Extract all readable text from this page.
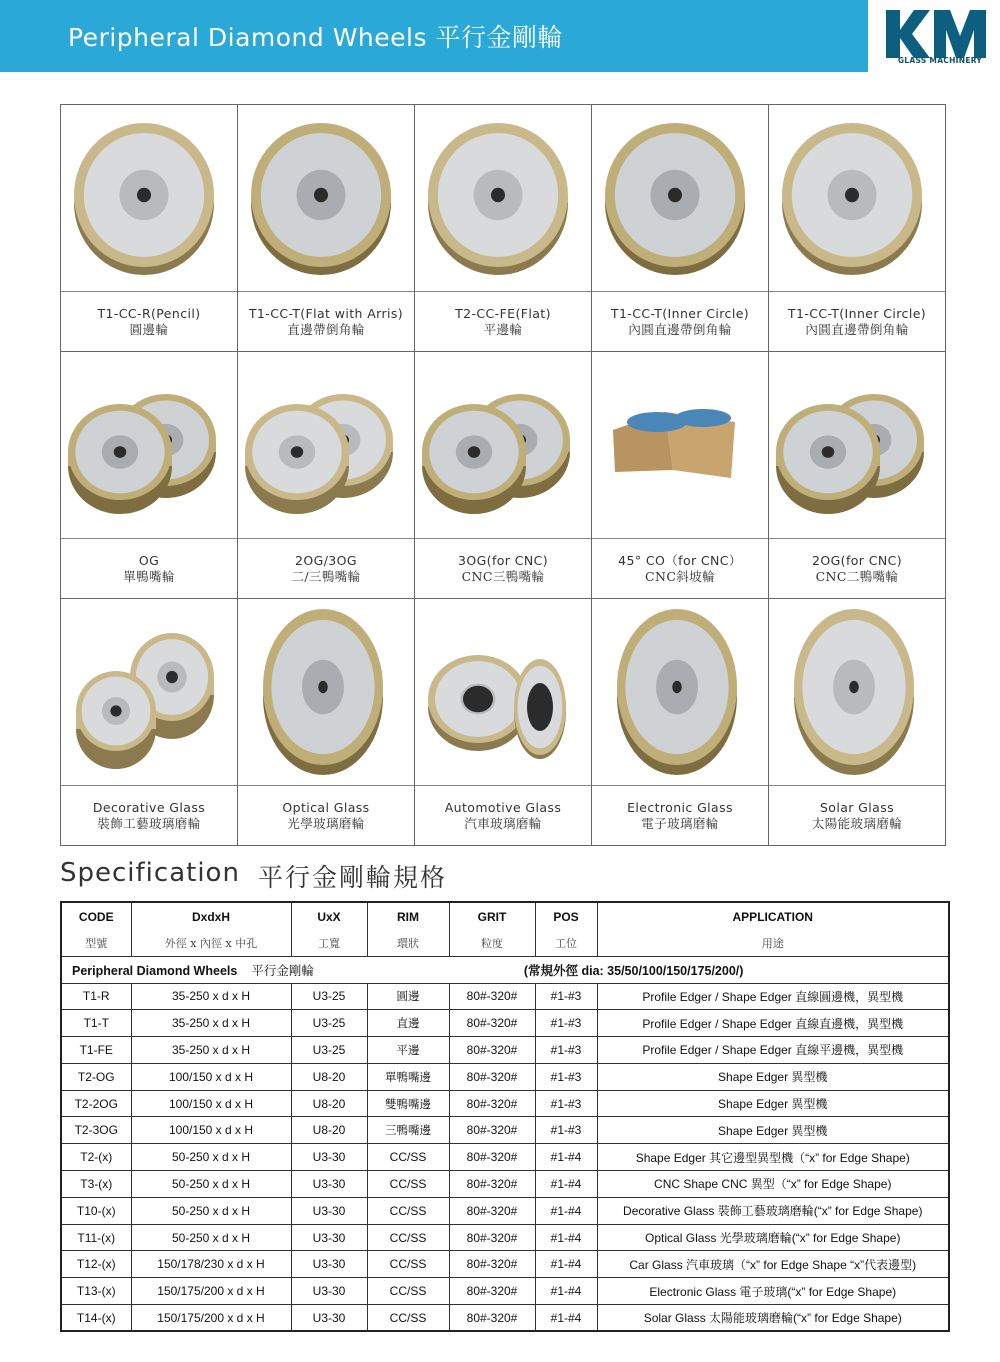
Peripheral Diamond Wheels 平行金剛輪
GLASS MACHINERY
T1-CC-R(Pencil)
圓邊輪
T1-CC-T(Flat with Arris)
直邊帶倒角輪
T2-CC-FE(Flat)
平邊輪
T1-CC-T(Inner Circle)
內圓直邊帶倒角輪
T1-CC-T(Inner Circle)
內圓直邊帶倒角輪
OG
單鴨嘴輪
2OG/3OG
二/三鴨嘴輪
3OG(for CNC)
CNC三鴨嘴輪
45° CO（for CNC）
CNC斜坡輪
2OG(for CNC)
CNC二鴨嘴輪
Decorative Glass
裝飾工藝玻璃磨輪
Optical Glass
光學玻璃磨輪
Automotive Glass
汽車玻璃磨輪
Electronic Glass
電子玻璃磨輪
Solar Glass
太陽能玻璃磨輪
Specification 平行金剛輪規格
CODE	DxdxH	UxX	RIM	GRIT	POS	APPLICATION
型號	外徑 x 內徑 x 中孔	工寬	環狀	粒度	工位	用途
Peripheral Diamond Wheels 平行金剛輪 (常規外徑 dia: 35/50/100/150/175/200/)						
T1-R	35-250 x d x H	U3-25	圓邊	80#-320#	#1-#3	Profile Edger / Shape Edger 直線圓邊機，異型機
T1-T	35-250 x d x H	U3-25	直邊	80#-320#	#1-#3	Profile Edger / Shape Edger 直線直邊機，異型機
T1-FE	35-250 x d x H	U3-25	平邊	80#-320#	#1-#3	Profile Edger / Shape Edger 直線平邊機，異型機
T2-OG	100/150 x d x H	U8-20	單鴨嘴邊	80#-320#	#1-#3	Shape Edger 異型機
T2-2OG	100/150 x d x H	U8-20	雙鴨嘴邊	80#-320#	#1-#3	Shape Edger 異型機
T2-3OG	100/150 x d x H	U8-20	三鴨嘴邊	80#-320#	#1-#3	Shape Edger 異型機
T2-(x)	50-250 x d x H	U3-30	CC/SS	80#-320#	#1-#4	Shape Edger 其它邊型異型機（“x” for Edge Shape)
T3-(x)	50-250 x d x H	U3-30	CC/SS	80#-320#	#1-#4	CNC Shape CNC 異型（“x” for Edge Shape)
T10-(x)	50-250 x d x H	U3-30	CC/SS	80#-320#	#1-#4	Decorative Glass 裝飾工藝玻璃磨輪(“x” for Edge Shape)
T11-(x)	50-250 x d x H	U3-30	CC/SS	80#-320#	#1-#4	Optical Glass 光學玻璃磨輪(“x” for Edge Shape)
T12-(x)	150/178/230 x d x H	U3-30	CC/SS	80#-320#	#1-#4	Car Glass 汽車玻璃（“x” for Edge Shape “x”代表邊型)
T13-(x)	150/175/200 x d x H	U3-30	CC/SS	80#-320#	#1-#4	Electronic Glass 電子玻璃(“x” for Edge Shape)
T14-(x)	150/175/200 x d x H	U3-30	CC/SS	80#-320#	#1-#4	Solar Glass 太陽能玻璃磨輪(“x” for Edge Shape)
